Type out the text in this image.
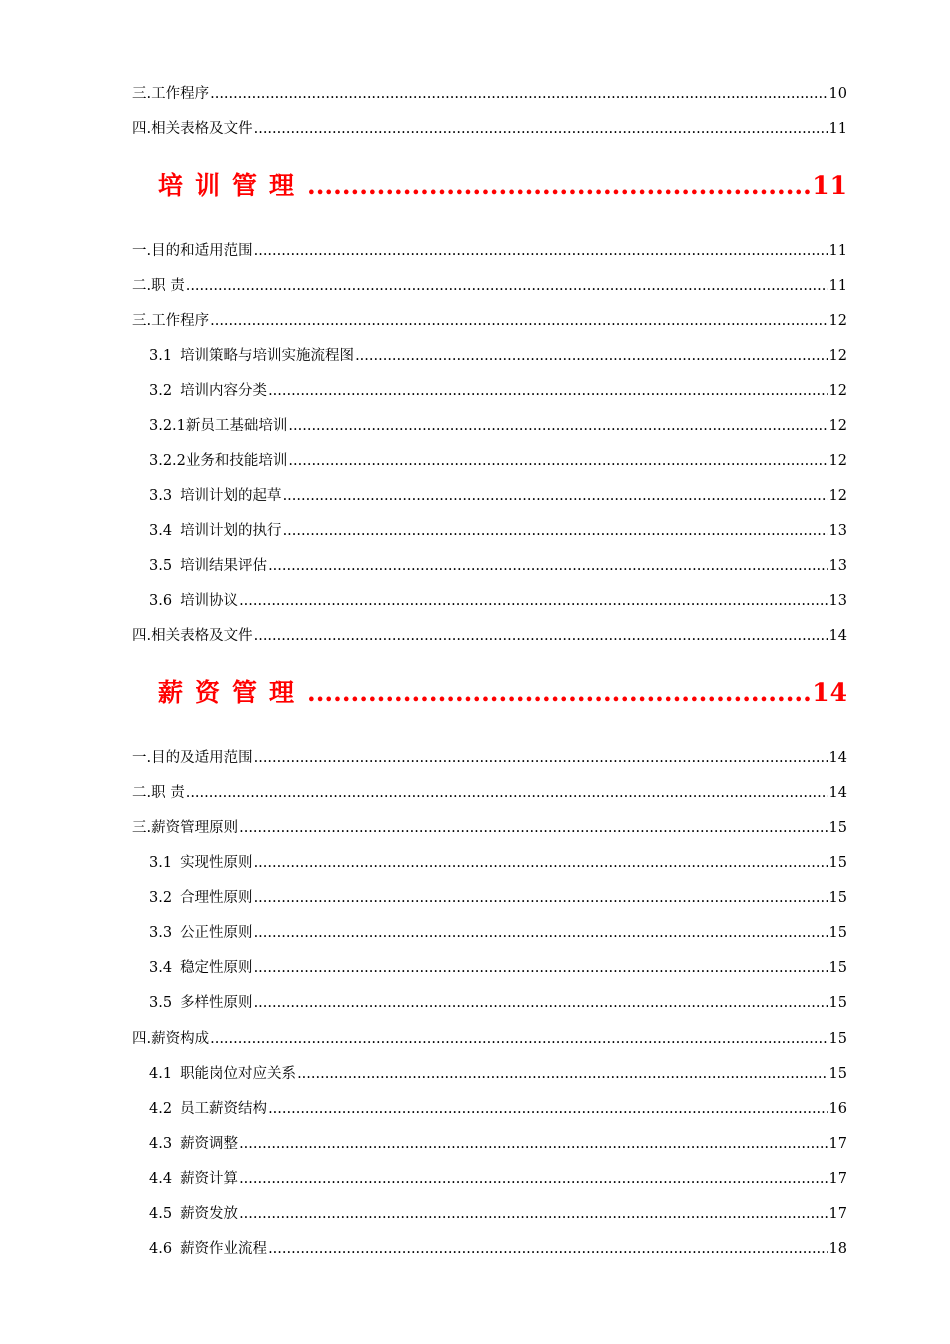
三. 工作程序 .....	10
四. 相关表格及文件 .....	11
培训管理 .....	11
一. 目的和适用范围 .....	11
二. 职 责 .....	11
三. 工作程序 .....	12
3.1 培训策略与培训实施流程图 .....	12
3.2 培训内容分类 .....	12
3.2.1 新员工基础培训 .....	12
3.2.2 业务和技能培训 .....	12
3.3 培训计划的起草 .....	12
3.4 培训计划的执行 .....	13
3.5 培训结果评估 .....	13
3.6 培训协议 .....	13
四. 相关表格及文件 .....	14
薪资管理 .....	14
一. 目的及适用范围 .....	14
二. 职 责 .....	14
三. 薪资管理原则 .....	15
3.1 实现性原则 .....	15
3.2 合理性原则 .....	15
3.3 公正性原则 .....	15
3.4 稳定性原则 .....	15
3.5 多样性原则 .....	15
四. 薪资构成 .....	15
4.1 职能岗位对应关系 .....	15
4.2 员工薪资结构 .....	16
4.3 薪资调整 .....	17
4.4 薪资计算 .....	17
4.5 薪资发放 .....	17
4.6 薪资作业流程 .....	18
